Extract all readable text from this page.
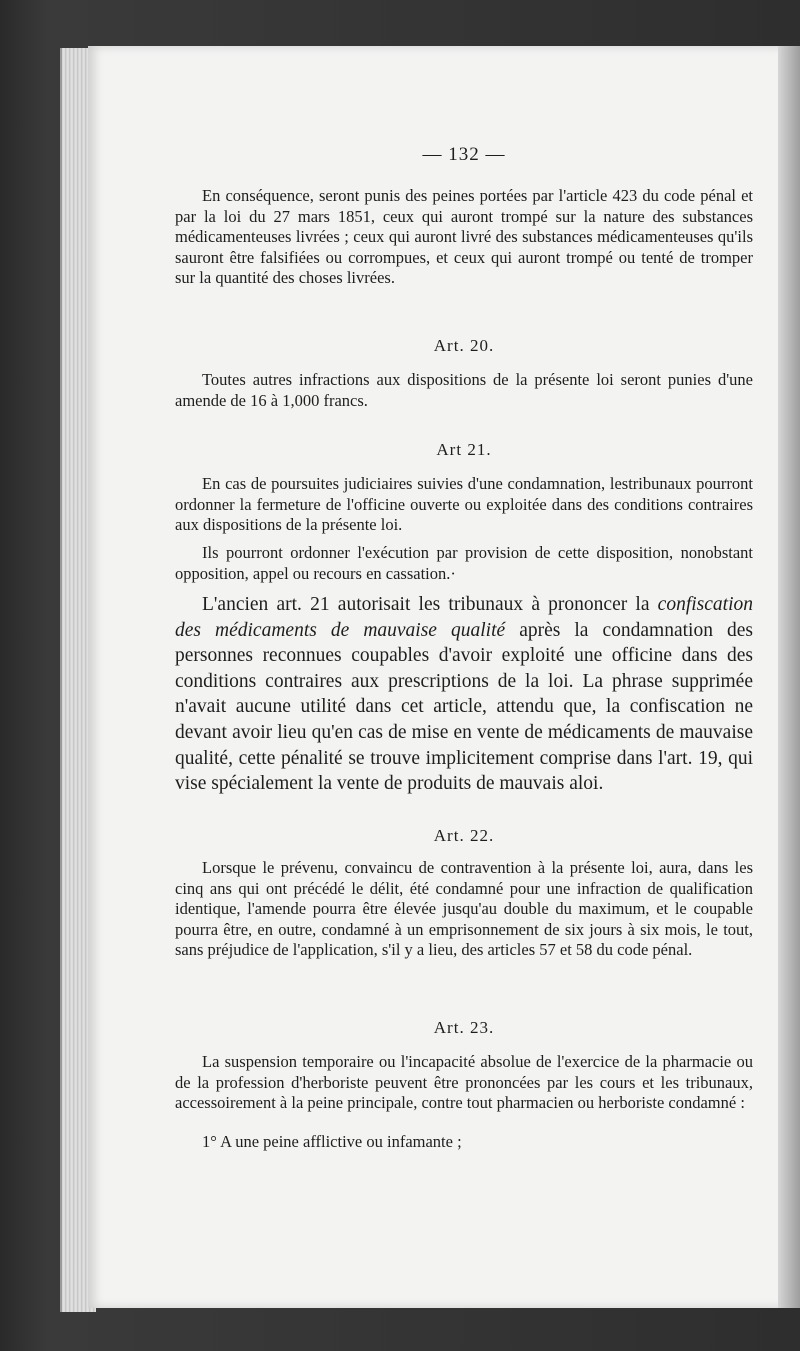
— 132 —

En conséquence, seront punis des peines portées par l'article 423 du code pénal et par la loi du 27 mars 1851, ceux qui auront trompé sur la nature des substances médicamenteuses livrées ; ceux qui auront livré des substances médicamenteuses qu'ils sauront être falsifiées ou corrompues, et ceux qui auront trompé ou tenté de tromper sur la quantité des choses livrées.

Art. 20.

Toutes autres infractions aux dispositions de la présente loi seront punies d'une amende de 16 à 1,000 francs.

Art 21.

En cas de poursuites judiciaires suivies d'une condamnation, lestribunaux pourront ordonner la fermeture de l'officine ouverte ou exploitée dans des conditions contraires aux dispositions de la présente loi.

Ils pourront ordonner l'exécution par provision de cette disposition, nonobstant opposition, appel ou recours en cassation.·

L'ancien art. 21 autorisait les tribunaux à prononcer la confiscation des médicaments de mauvaise qualité après la condamnation des personnes reconnues coupables d'avoir exploité une officine dans des conditions contraires aux prescriptions de la loi. La phrase supprimée n'avait aucune utilité dans cet article, attendu que, la confiscation ne devant avoir lieu qu'en cas de mise en vente de médicaments de mauvaise qualité, cette pénalité se trouve implicitement comprise dans l'art. 19, qui vise spécialement la vente de produits de mauvais aloi.

Art. 22.

Lorsque le prévenu, convaincu de contravention à la présente loi, aura, dans les cinq ans qui ont précédé le délit, été condamné pour une infraction de qualification identique, l'amende pourra être élevée jusqu'au double du maximum, et le coupable pourra être, en outre, condamné à un emprisonnement de six jours à six mois, le tout, sans préjudice de l'application, s'il y a lieu, des articles 57 et 58 du code pénal.

Art. 23.

La suspension temporaire ou l'incapacité absolue de l'exercice de la pharmacie ou de la profession d'herboriste peuvent être prononcées par les cours et les tribunaux, accessoirement à la peine principale, contre tout pharmacien ou herboriste condamné :

1° A une peine afflictive ou infamante ;
